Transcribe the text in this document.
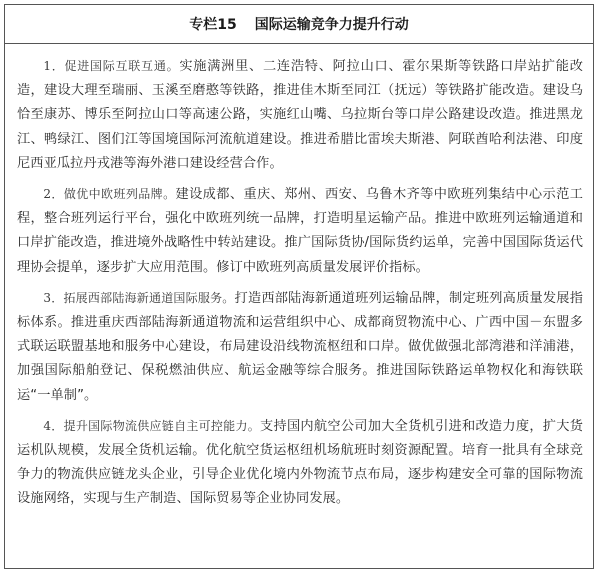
专栏15 国际运输竞争力提升行动

1．促进国际互联互通。实施满洲里、二连浩特、阿拉山口、霍尔果斯等铁路口岸站扩能改造，建设大理至瑞丽、玉溪至磨憨等铁路，推进佳木斯至同江（抚远）等铁路扩能改造。建设乌恰至康苏、博乐至阿拉山口等高速公路，实施红山嘴、乌拉斯台等口岸公路建设改造。推进黑龙江、鸭绿江、图们江等国境国际河流航道建设。推进希腊比雷埃夫斯港、阿联酋哈利法港、印度尼西亚瓜拉丹戎港等海外港口建设经营合作。

2．做优中欧班列品牌。建设成都、重庆、郑州、西安、乌鲁木齐等中欧班列集结中心示范工程，整合班列运行平台，强化中欧班列统一品牌，打造明星运输产品。推进中欧班列运输通道和口岸扩能改造，推进境外战略性中转站建设。推广国际货协/国际货约运单，完善中国国际货运代理协会提单，逐步扩大应用范围。修订中欧班列高质量发展评价指标。

3．拓展西部陆海新通道国际服务。打造西部陆海新通道班列运输品牌，制定班列高质量发展指标体系。推进重庆西部陆海新通道物流和运营组织中心、成都商贸物流中心、广西中国－东盟多式联运联盟基地和服务中心建设，布局建设沿线物流枢纽和口岸。做优做强北部湾港和洋浦港，加强国际船舶登记、保税燃油供应、航运金融等综合服务。推进国际铁路运单物权化和海铁联运“一单制”。

4．提升国际物流供应链自主可控能力。支持国内航空公司加大全货机引进和改造力度，扩大货运机队规模，发展全货机运输。优化航空货运枢纽机场航班时刻资源配置。培育一批具有全球竞争力的物流供应链龙头企业，引导企业优化境内外物流节点布局，逐步构建安全可靠的国际物流设施网络，实现与生产制造、国际贸易等企业协同发展。
